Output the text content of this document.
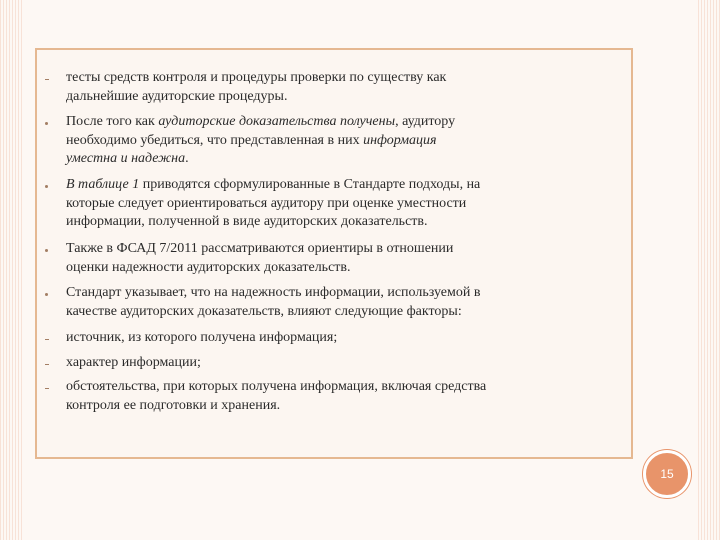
тесты средств контроля и процедуры проверки по существу как
дальнейшие аудиторские процедуры.
После того как аудиторские доказательства получены, аудитору
необходимо убедиться, что представленная в них информация
уместна и надежна.
В таблице 1 приводятся сформулированные в Стандарте подходы, на
которые следует ориентироваться аудитору при оценке уместности
информации, полученной в виде аудиторских доказательств.
Также в ФСАД 7/2011 рассматриваются ориентиры в отношении
оценки надежности аудиторских доказательств.
Стандарт указывает, что на надежность информации, используемой в
качестве аудиторских доказательств, влияют следующие факторы:
источник, из которого получена информация;
характер информации;
обстоятельства, при которых получена информация, включая средства
контроля ее подготовки и хранения.
15
